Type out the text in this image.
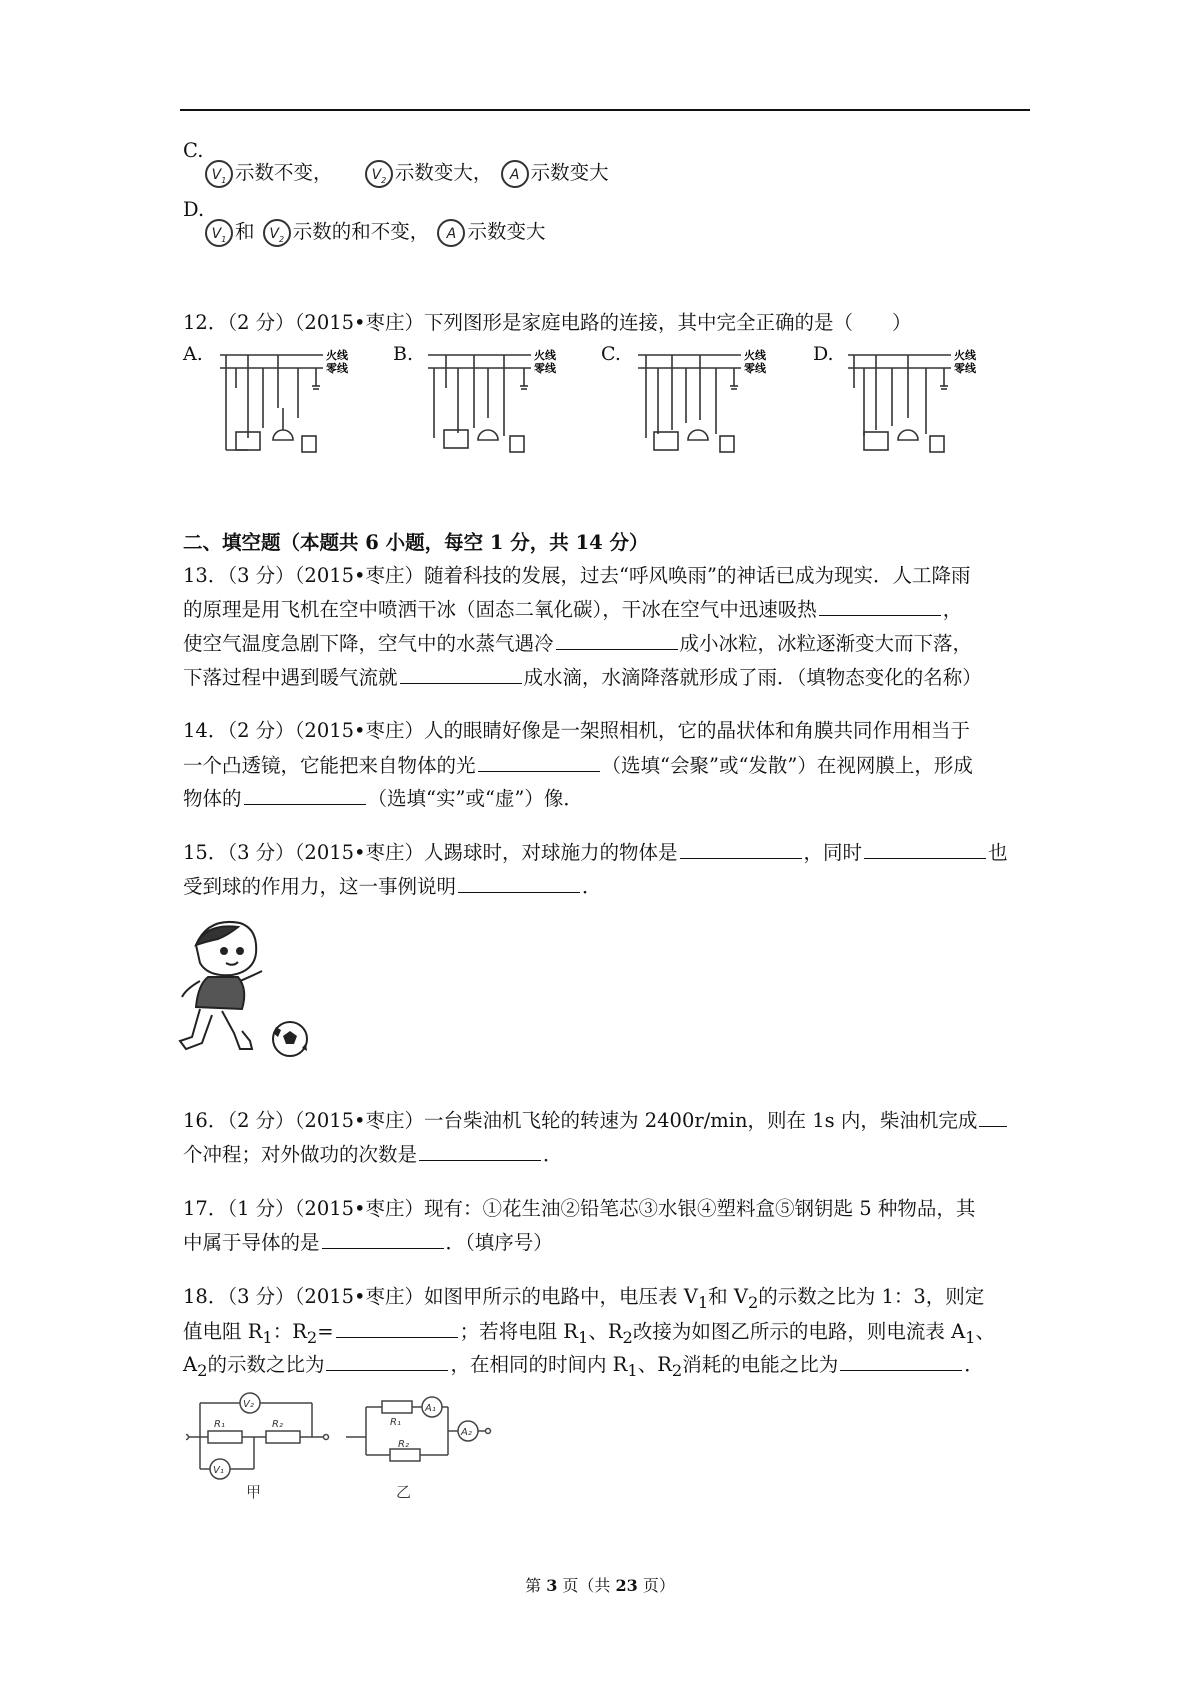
C.
$V_1$ 示数不变，	$V_2$ 示数变大， A 示数变大
D.
$V_1$ 和 $V_2$ 示数的和不变， A 示数变大
12．（2 分）（2015•枣庄）下列图形是家庭电路的连接，其中完全正确的是（　　）
A.	B.	C.	D.
火线
零线
火线
零线
火线
零线
火线
零线
二、填空题（本题共 6 小题，每空 1 分，共 14 分）
13．（3 分）（2015•枣庄）随着科技的发展，过去“呼风唤雨”的神话已成为现实．人工降雨
的原理是用飞机在空中喷洒干冰（固态二氧化碳），干冰在空气中迅速吸热	，
使空气温度急剧下降，空气中的水蒸气遇冷	成小冰粒，冰粒逐渐变大而下落，
下落过程中遇到暖气流就	成水滴，水滴降落就形成了雨．（填物态变化的名称）
14．（2 分）（2015•枣庄）人的眼睛好像是一架照相机，它的晶状体和角膜共同作用相当于
一个凸透镜，它能把来自物体的光	（选填“会聚”或“发散”）在视网膜上，形成
物体的	（选填“实”或“虚”）像．
15．（3 分）（2015•枣庄）人踢球时，对球施力的物体是	，同时	也
受到球的作用力，这一事例说明	．
16．（2 分）（2015•枣庄）一台柴油机飞轮的转速为 2400r/min，则在 1s 内，柴油机完成
个冲程；对外做功的次数是	．
17．（1 分）（2015•枣庄）现有：①花生油②铅笔芯③水银④塑料盒⑤钢钥匙 5 种物品，其
中属于导体的是	．（填序号）
18．（3 分）（2015•枣庄）如图甲所示的电路中，电压表 $V_1$和 $V_2$的示数之比为 1：3，则定
值电阻 $R_1$：$R_2=$	；若将电阻 $R_1$、$R_2$改接为如图乙所示的电路，则电流表 $A_1$、
$A_2$的示数之比为	，在相同的时间内 $R_1$、$R_2$消耗的电能之比为	．
R₁	R₂
V₂
V₁
R₁
R₂
A₁
A₂
甲	乙
第 3 页（共 23 页）
